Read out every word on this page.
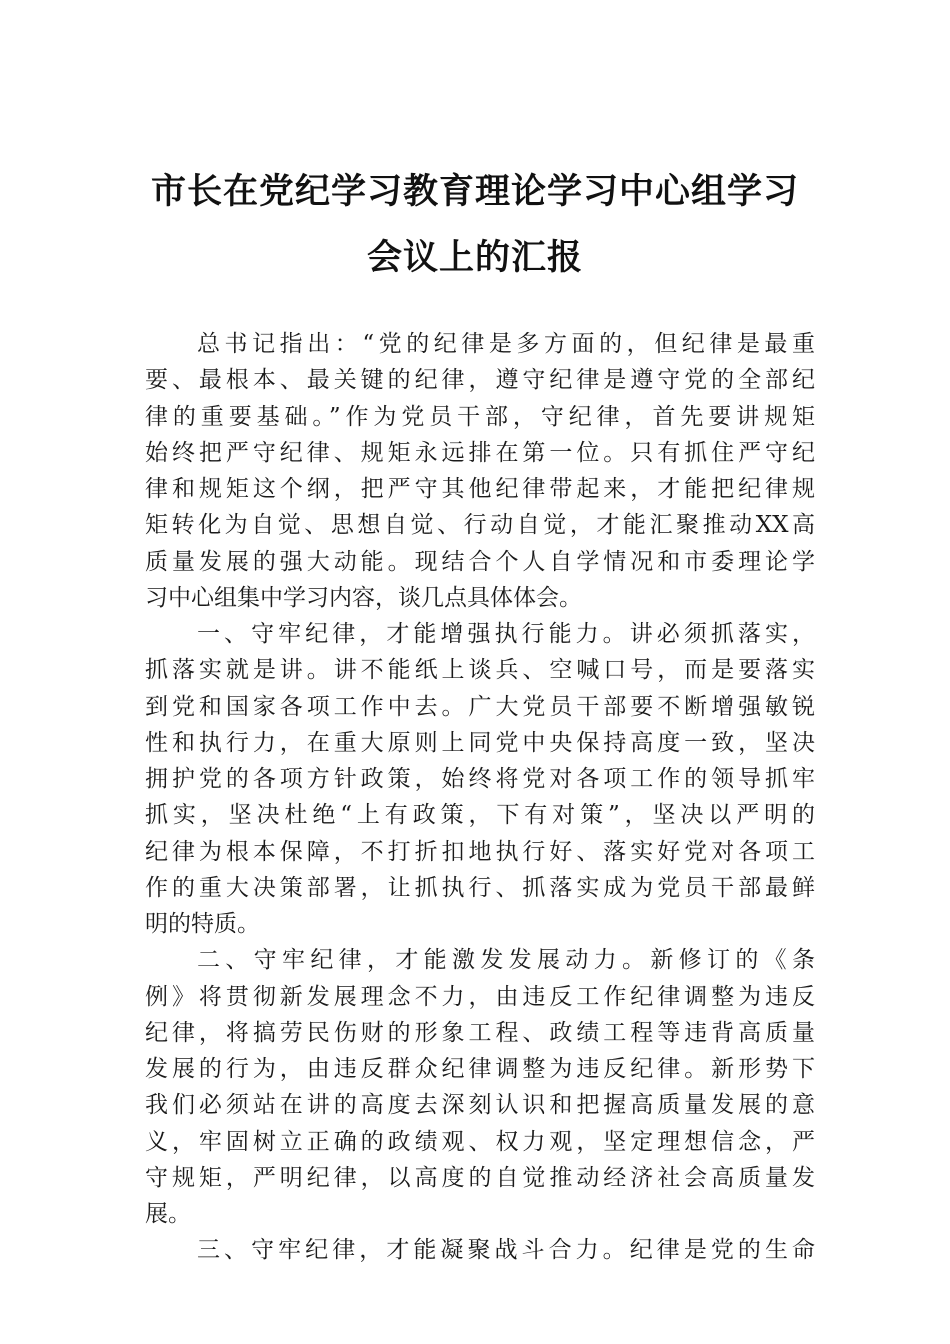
市长在党纪学习教育理论学习中心组学习
会议上的汇报
总书记指出：“党的纪律是多方面的，但纪律是最重
要、最根本、最关键的纪律，遵守纪律是遵守党的全部纪
律的重要基础。”作为党员干部，守纪律，首先要讲规矩
始终把严守纪律、规矩永远排在第一位。只有抓住严守纪
律和规矩这个纲，把严守其他纪律带起来，才能把纪律规
矩转化为自觉、思想自觉、行动自觉，才能汇聚推动XX高
质量发展的强大动能。现结合个人自学情况和市委理论学
习中心组集中学习内容，谈几点具体体会。
一、守牢纪律，才能增强执行能力。讲必须抓落实，
抓落实就是讲。讲不能纸上谈兵、空喊口号，而是要落实
到党和国家各项工作中去。广大党员干部要不断增强敏锐
性和执行力，在重大原则上同党中央保持高度一致，坚决
拥护党的各项方针政策，始终将党对各项工作的领导抓牢
抓实，坚决杜绝“上有政策，下有对策”，坚决以严明的
纪律为根本保障，不打折扣地执行好、落实好党对各项工
作的重大决策部署，让抓执行、抓落实成为党员干部最鲜
明的特质。
二、守牢纪律，才能激发发展动力。新修订的《条
例》将贯彻新发展理念不力，由违反工作纪律调整为违反
纪律，将搞劳民伤财的形象工程、政绩工程等违背高质量
发展的行为，由违反群众纪律调整为违反纪律。新形势下
我们必须站在讲的高度去深刻认识和把握高质量发展的意
义，牢固树立正确的政绩观、权力观，坚定理想信念，严
守规矩，严明纪律，以高度的自觉推动经济社会高质量发
展。
三、守牢纪律，才能凝聚战斗合力。纪律是党的生命
